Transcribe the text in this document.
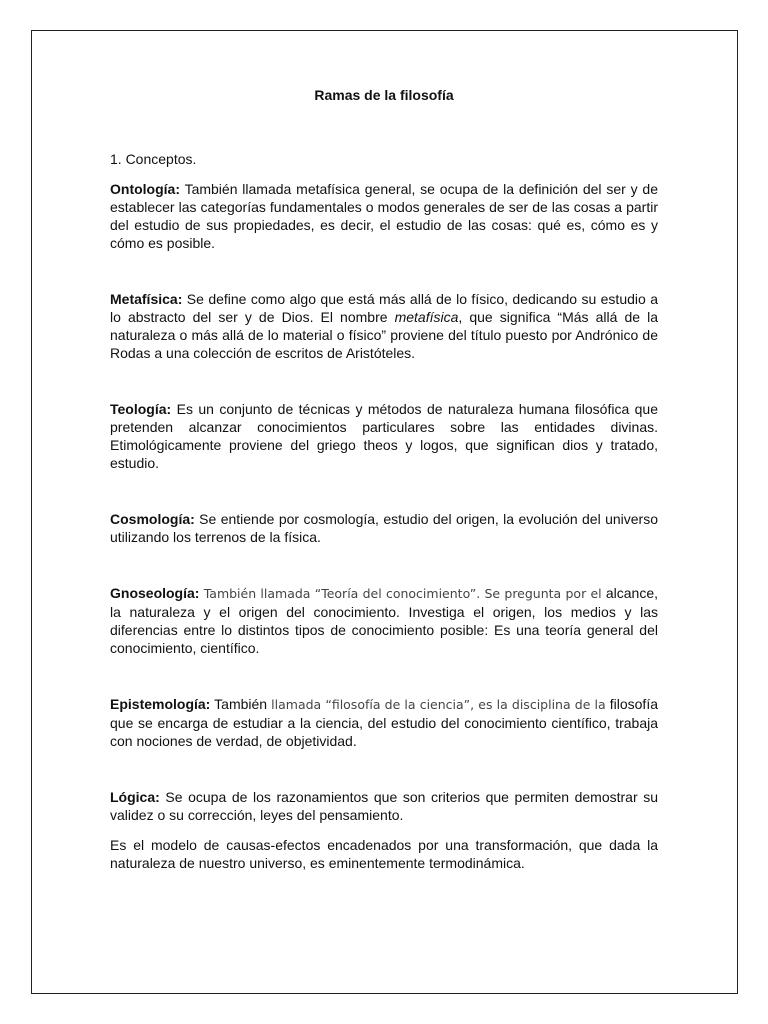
Ramas de la filosofía

1. Conceptos.

Ontología: También llamada metafísica general, se ocupa de la definición del ser y de establecer las categorías fundamentales o modos generales de ser de las cosas a partir del estudio de sus propiedades, es decir, el estudio de las cosas: qué es, cómo es y cómo es posible.

Metafísica: Se define como algo que está más allá de lo físico, dedicando su estudio a lo abstracto del ser y de Dios. El nombre metafísica, que significa “Más allá de la naturaleza o más allá de lo material o físico” proviene del título puesto por Andrónico de Rodas a una colección de escritos de Aristóteles.

Teología: Es un conjunto de técnicas y métodos de naturaleza humana filosófica que pretenden alcanzar conocimientos particulares sobre las entidades divinas. Etimológicamente proviene del griego theos y logos, que significan dios y tratado, estudio.

Cosmología: Se entiende por cosmología, estudio del origen, la evolución del universo utilizando los terrenos de la física.

Gnoseología: También llamada “Teoría del conocimiento”. Se pregunta por el alcance, la naturaleza y el origen del conocimiento. Investiga el origen, los medios y las diferencias entre lo distintos tipos de conocimiento posible: Es una teoría general del conocimiento, científico.

Epistemología: También llamada “filosofía de la ciencia”, es la disciplina de la filosofía que se encarga de estudiar a la ciencia, del estudio del conocimiento científico, trabaja con nociones de verdad, de objetividad.

Lógica: Se ocupa de los razonamientos que son criterios que permiten demostrar su validez o su corrección, leyes del pensamiento.

Es el modelo de causas-efectos encadenados por una transformación, que dada la naturaleza de nuestro universo, es eminentemente termodinámica.
